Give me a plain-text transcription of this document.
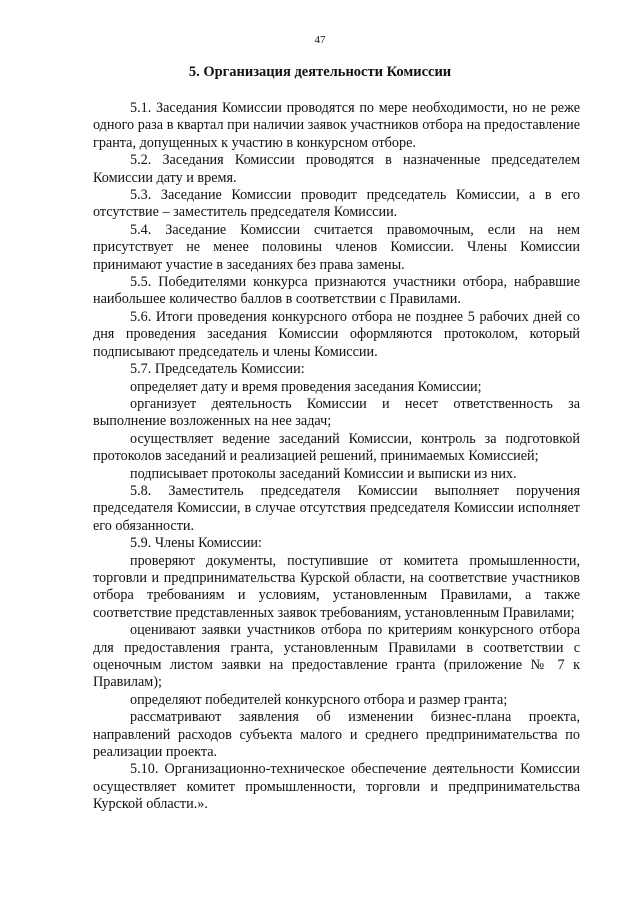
47
5. Организация деятельности Комиссии

5.1. Заседания Комиссии проводятся по мере необходимости, но не реже одного раза в квартал при наличии заявок участников отбора на предоставление гранта, допущенных к участию в конкурсном отборе.

5.2. Заседания Комиссии проводятся в назначенные председателем Комиссии дату и время.

5.3. Заседание Комиссии проводит председатель Комиссии, а в его отсутствие – заместитель председателя Комиссии.

5.4. Заседание Комиссии считается правомочным, если на нем присутствует не менее половины членов Комиссии. Члены Комиссии принимают участие в заседаниях без права замены.

5.5. Победителями конкурса признаются участники отбора, набравшие наибольшее количество баллов в соответствии с Правилами.

5.6. Итоги проведения конкурсного отбора не позднее 5 рабочих дней со дня проведения заседания Комиссии оформляются протоколом, который подписывают председатель и члены Комиссии.

5.7. Председатель Комиссии:

определяет дату и время проведения заседания Комиссии;

организует деятельность Комиссии и несет ответственность за выполнение возложенных на нее задач;

осуществляет ведение заседаний Комиссии, контроль за подготовкой протоколов заседаний и реализацией решений, принимаемых Комиссией;

подписывает протоколы заседаний Комиссии и выписки из них.

5.8. Заместитель председателя Комиссии выполняет поручения председателя Комиссии, в случае отсутствия председателя Комиссии исполняет его обязанности.

5.9. Члены Комиссии:

проверяют документы, поступившие от комитета промышленности, торговли и предпринимательства Курской области, на соответствие участников отбора требованиям и условиям, установленным Правилами, а также соответствие представленных заявок требованиям, установленным Правилами;

оценивают заявки участников отбора по критериям конкурсного отбора для предоставления гранта, установленным Правилами в соответствии с оценочным листом заявки на предоставление гранта (приложение № 7 к Правилам);

определяют победителей конкурсного отбора и размер гранта;

рассматривают заявления об изменении бизнес-плана проекта, направлений расходов субъекта малого и среднего предпринимательства по реализации проекта.

5.10. Организационно-техническое обеспечение деятельности Комиссии осуществляет комитет промышленности, торговли и предпринимательства Курской области.».
